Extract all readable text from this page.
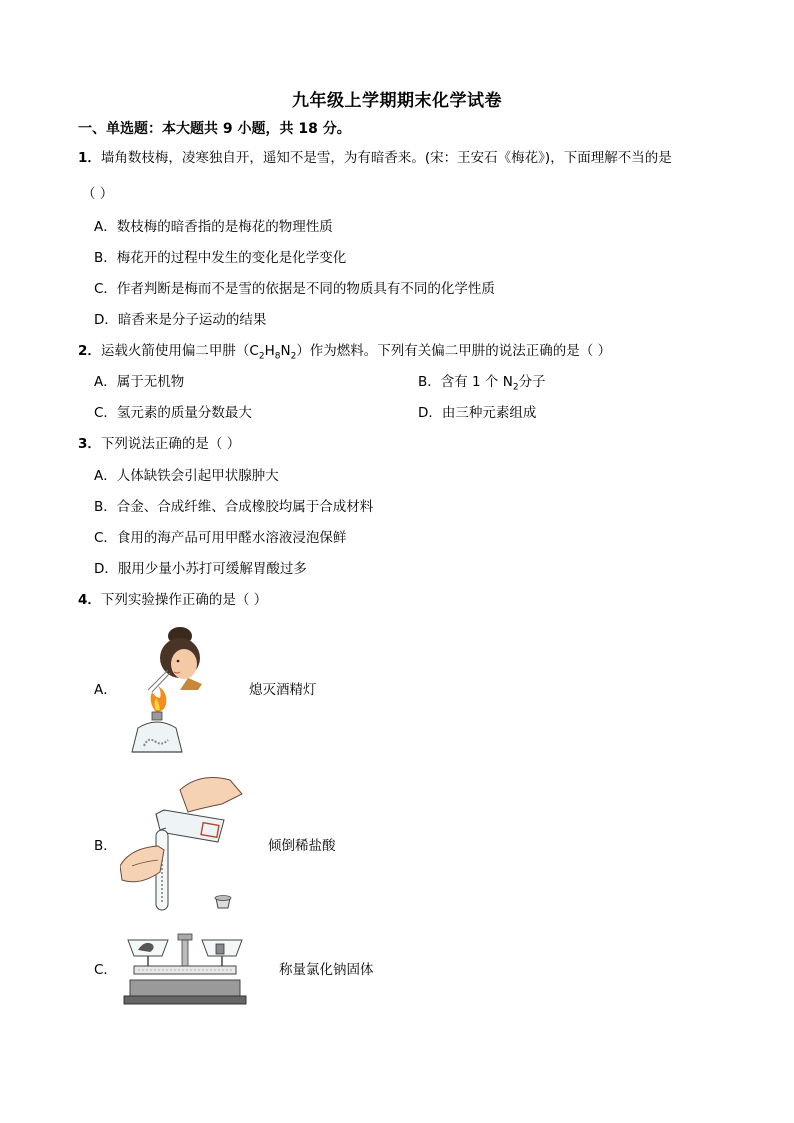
九年级上学期期末化学试卷
一、单选题：本大题共 9 小题，共 18 分。
1．墙角数枝梅，凌寒独自开，遥知不是雪，为有暗香来。(宋：王安石《梅花》)，下面理解不当的是
（ ）
A．数枝梅的暗香指的是梅花的物理性质
B．梅花开的过程中发生的变化是化学变化
C．作者判断是梅而不是雪的依据是不同的物质具有不同的化学性质
D．暗香来是分子运动的结果
2．运载火箭使用偏二甲肼$(C_2H_8N_2)$作为燃料。下列有关偏二甲肼的说法正确的是（ ）
A．属于无机物	B．含有 1 个 $N_2$分子
C．氢元素的质量分数最大	D．由三种元素组成
3．下列说法正确的是（ ）
A．人体缺铁会引起甲状腺肿大
B．合金、合成纤维、合成橡胶均属于合成材料
C．食用的海产品可用甲醛水溶液浸泡保鲜
D．服用少量小苏打可缓解胃酸过多
4．下列实验操作正确的是（ ）
A．	熄灭酒精灯
B．	倾倒稀盐酸
C．	称量氯化钠固体
